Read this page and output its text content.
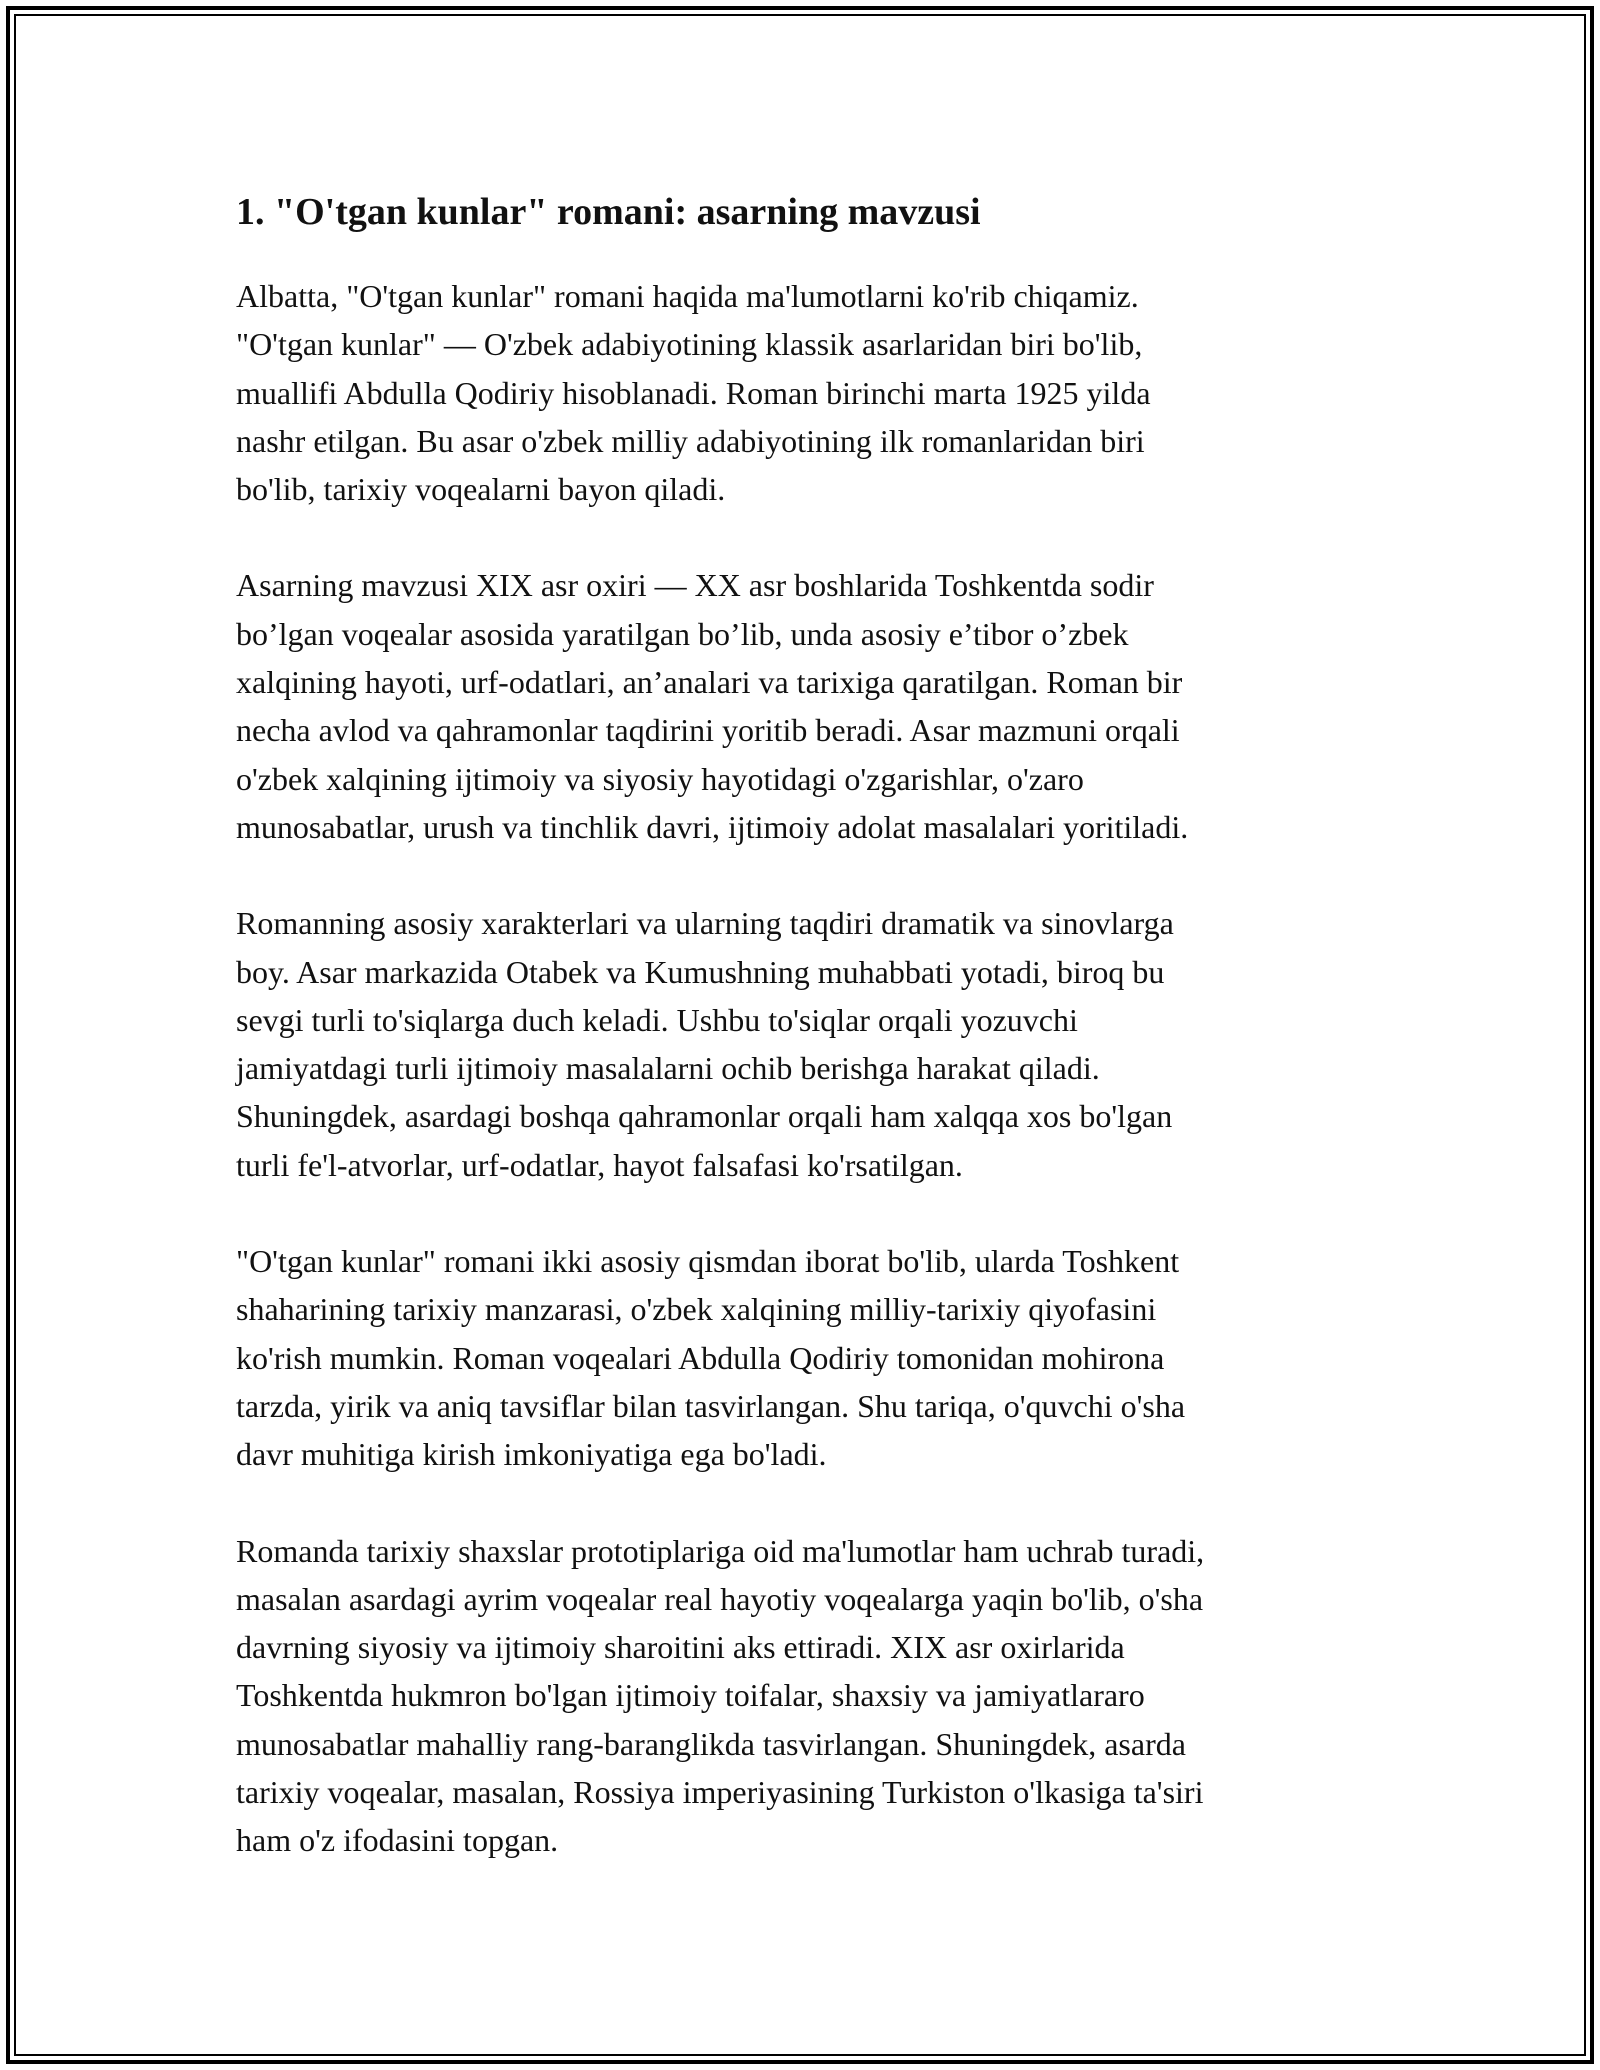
1. "O'tgan kunlar" romani: asarning mavzusi

Albatta, "O'tgan kunlar" romani haqida ma'lumotlarni ko'rib chiqamiz.
"O'tgan kunlar" — O'zbek adabiyotining klassik asarlaridan biri bo'lib,
muallifi Abdulla Qodiriy hisoblanadi. Roman birinchi marta 1925 yilda
nashr etilgan. Bu asar o'zbek milliy adabiyotining ilk romanlaridan biri
bo'lib, tarixiy voqealarni bayon qiladi.

Asarning mavzusi XIX asr oxiri — XX asr boshlarida Toshkentda sodir
bo’lgan voqealar asosida yaratilgan bo’lib, unda asosiy e’tibor o’zbek
xalqining hayoti, urf-odatlari, an’analari va tarixiga qaratilgan. Roman bir
necha avlod va qahramonlar taqdirini yoritib beradi. Asar mazmuni orqali
o'zbek xalqining ijtimoiy va siyosiy hayotidagi o'zgarishlar, o'zaro
munosabatlar, urush va tinchlik davri, ijtimoiy adolat masalalari yoritiladi.

Romanning asosiy xarakterlari va ularning taqdiri dramatik va sinovlarga
boy. Asar markazida Otabek va Kumushning muhabbati yotadi, biroq bu
sevgi turli to'siqlarga duch keladi. Ushbu to'siqlar orqali yozuvchi
jamiyatdagi turli ijtimoiy masalalarni ochib berishga harakat qiladi.
Shuningdek, asardagi boshqa qahramonlar orqali ham xalqqa xos bo'lgan
turli fe'l-atvorlar, urf-odatlar, hayot falsafasi ko'rsatilgan.

"O'tgan kunlar" romani ikki asosiy qismdan iborat bo'lib, ularda Toshkent
shaharining tarixiy manzarasi, o'zbek xalqining milliy-tarixiy qiyofasini
ko'rish mumkin. Roman voqealari Abdulla Qodiriy tomonidan mohirona
tarzda, yirik va aniq tavsiflar bilan tasvirlangan. Shu tariqa, o'quvchi o'sha
davr muhitiga kirish imkoniyatiga ega bo'ladi.

Romanda tarixiy shaxslar prototiplariga oid ma'lumotlar ham uchrab turadi,
masalan asardagi ayrim voqealar real hayotiy voqealarga yaqin bo'lib, o'sha
davrning siyosiy va ijtimoiy sharoitini aks ettiradi. XIX asr oxirlarida
Toshkentda hukmron bo'lgan ijtimoiy toifalar, shaxsiy va jamiyatlararo
munosabatlar mahalliy rang-baranglikda tasvirlangan. Shuningdek, asarda
tarixiy voqealar, masalan, Rossiya imperiyasining Turkiston o'lkasiga ta'siri
ham o'z ifodasini topgan.
